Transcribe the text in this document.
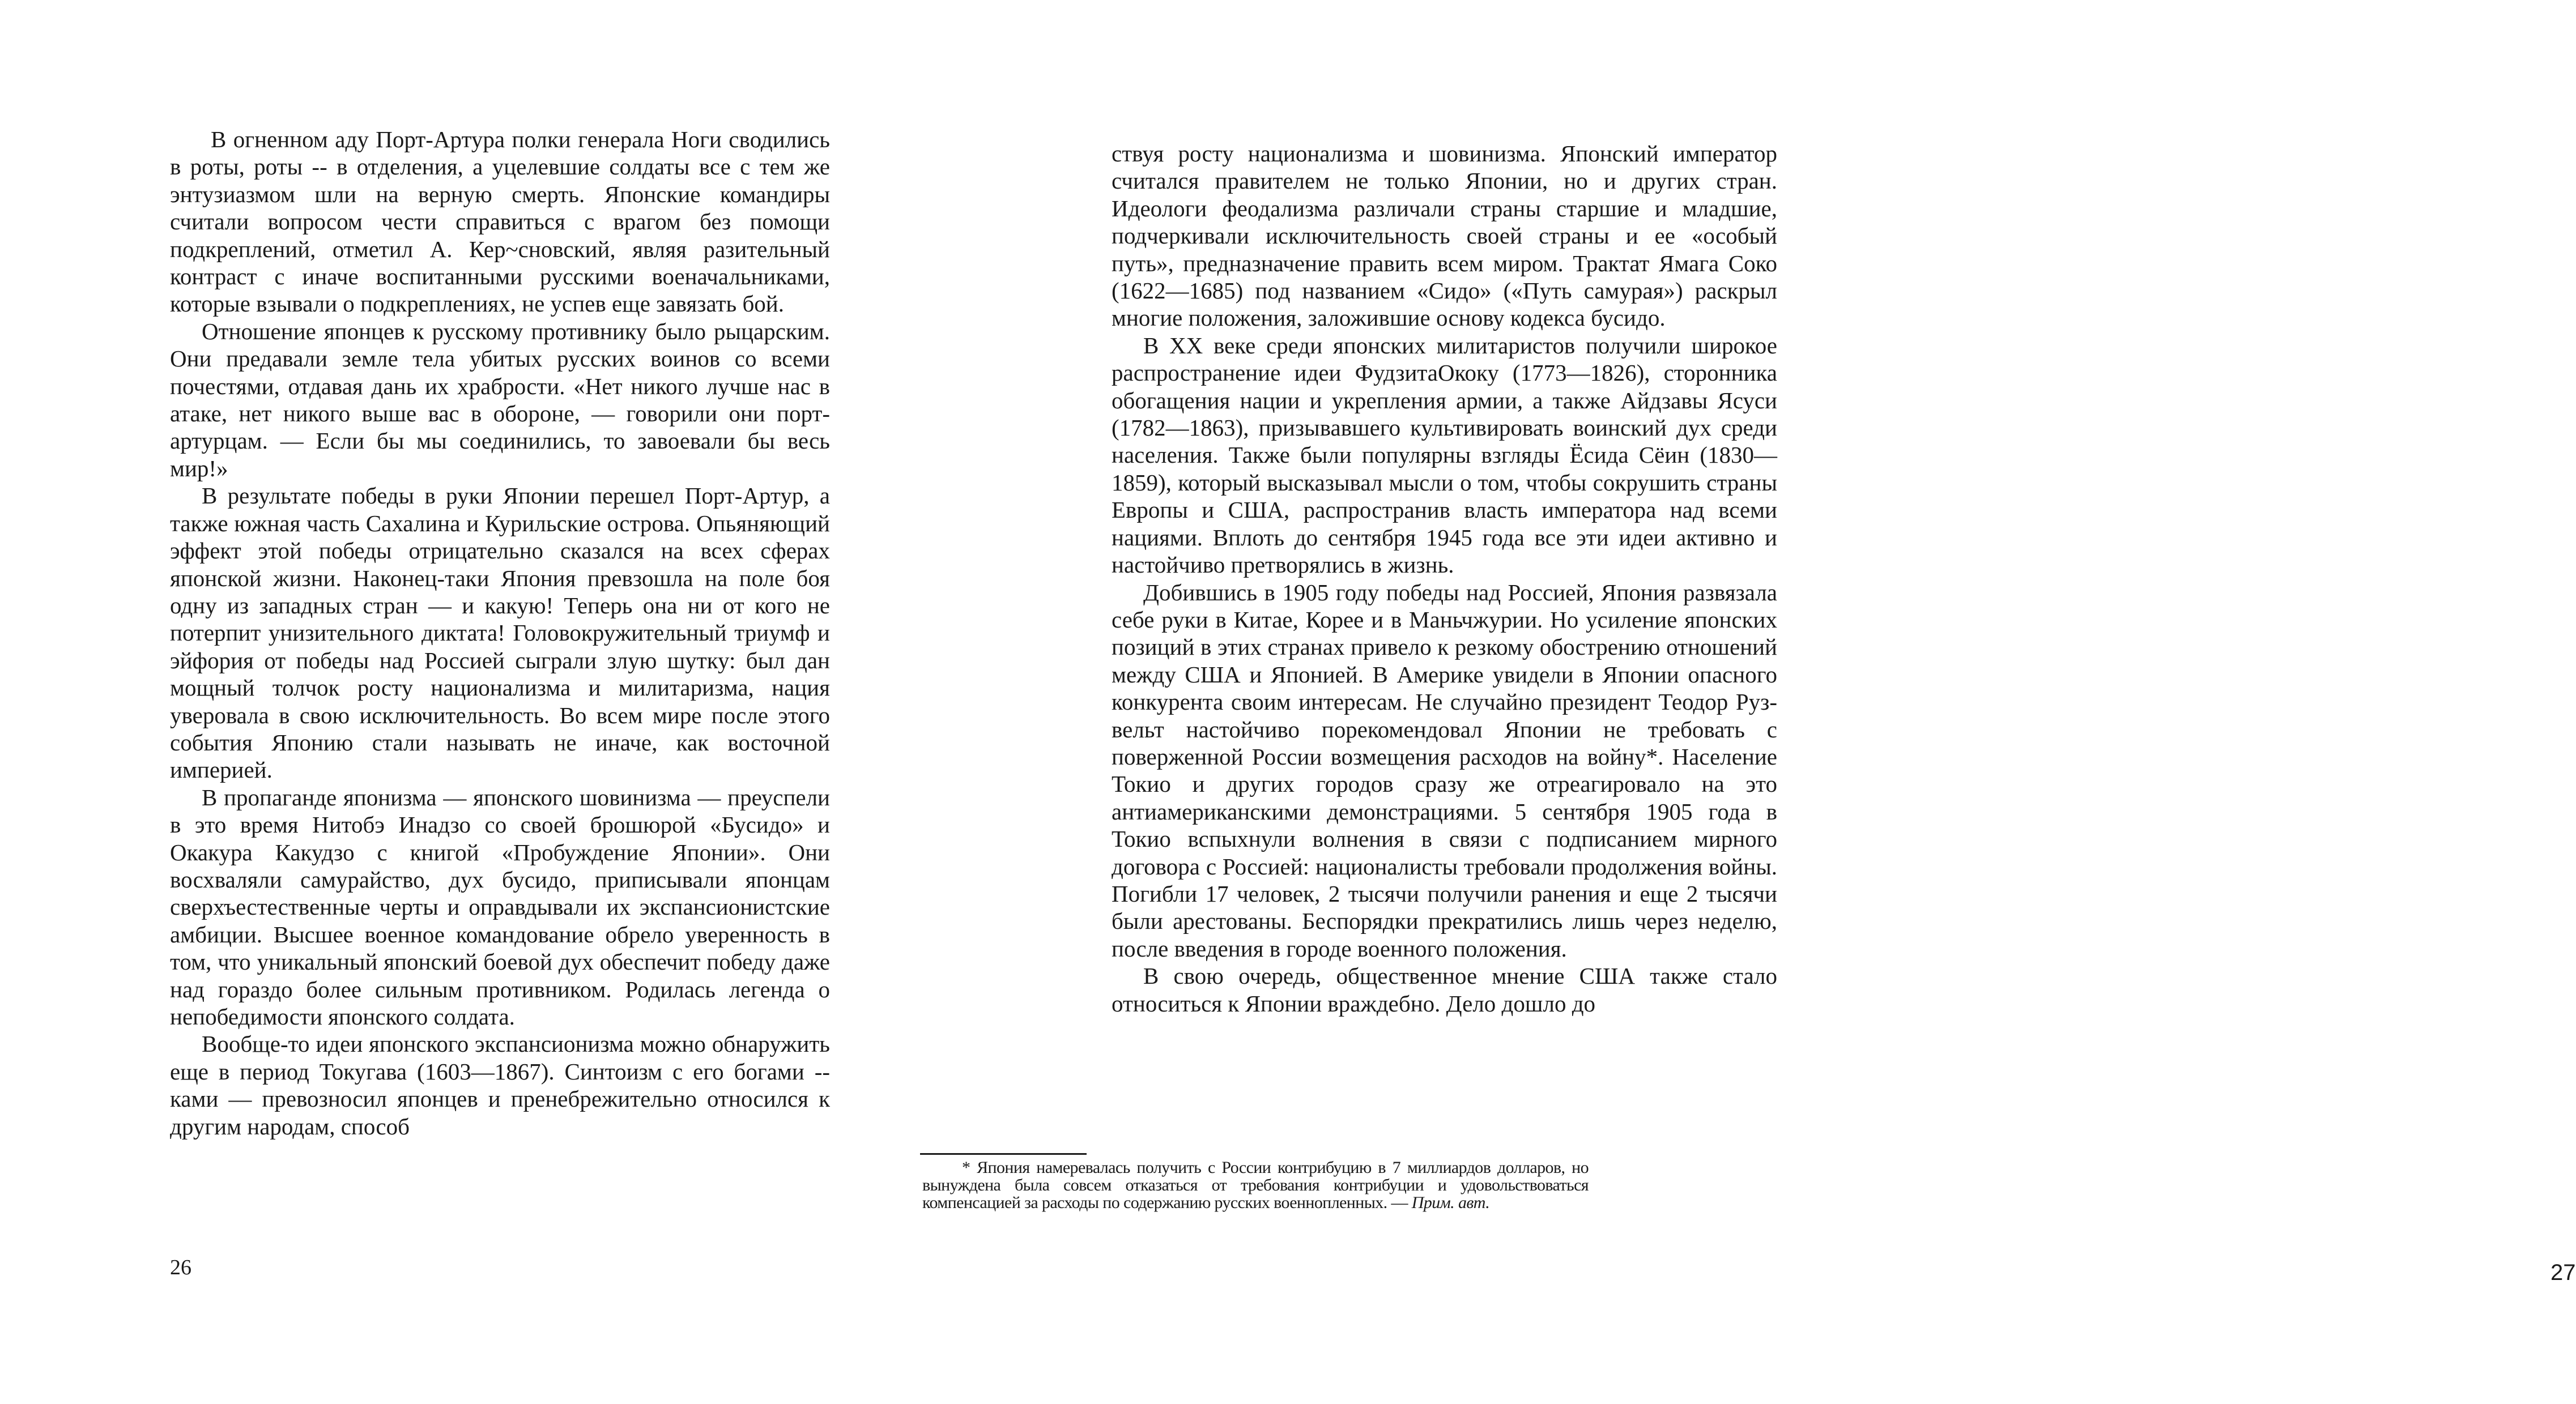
В огненном аду Порт-Артура полки генерала Ноги сводились в роты, роты -- в отделения, а уцелевшие солдаты все с тем же энтузиазмом шли на верную смерть. Японские командиры считали вопросом чести справиться с врагом без помощи подкреплений, отметил А. Кер~сновский, являя разительный контраст с иначе воспитанными русскими военачальниками, которые взывали о подкреплениях, не успев еще завязать бой.

Отношение японцев к русскому противнику было рыцарским. Они предавали земле тела убитых русских воинов со всеми почестями, отдавая дань их храбрости. «Нет никого лучше нас в атаке, нет никого выше вас в обороне, — говорили они порт-артурцам. — Если бы мы соединились, то завоевали бы весь мир!»

В результате победы в руки Японии перешел Порт-Артур, а также южная часть Сахалина и Курильские острова. Опьяняющий эффект этой победы отрицательно сказался на всех сферах японской жизни. Наконец-таки Япония превзошла на поле боя одну из западных стран — и какую! Теперь она ни от кого не потерпит унизительного диктата! Головокружительный триумф и эйфория от победы над Россией сыграли злую шутку: был дан мощный толчок росту национализма и милитаризма, нация уверовала в свою исключительность. Во всем мире после этого события Японию стали называть не иначе, как восточной империей.

В пропаганде японизма — японского шовинизма — преуспели в это время Нитобэ Инадзо со своей брошюрой «Бусидо» и Окакура Какудзо с книгой «Пробуждение Японии». Они восхваляли самурайство, дух бусидо, приписывали японцам сверхъестественные черты и оправдывали их экспансионистские амбиции. Высшее военное командование обрело уверенность в том, что уникальный японский боевой дух обеспечит победу даже над гораздо более сильным противником. Родилась легенда о непобедимости японского солдата.

Вообще-то идеи японского экспансионизма можно обнаружить еще в период Токугава (1603—1867). Синтоизм с его богами -- ками — превозносил японцев и пренебрежительно относился к другим народам, способ

26

ствуя росту национализма и шовинизма. Японский император считался правителем не только Японии, но и других стран. Идеологи феодализма различали страны старшие и младшие, подчеркивали исключительность своей страны и ее «особый путь», предназначение править всем миром. Трактат Ямага Соко (1622—1685) под названием «Сидо» («Путь самурая») раскрыл многие положения, заложившие основу кодекса бусидо.

В XX веке среди японских милитаристов получили широкое распространение идеи ФудзитаОкоку (1773—1826), сторонника обогащения нации и укрепления армии, а также Айдзавы Ясуси (1782—1863), призывавшего культивировать воинский дух среди населения. Также были популярны взгляды Ёсида Сёин (1830—1859), который высказывал мысли о том, чтобы сокрушить страны Европы и США, распространив власть императора над всеми нациями. Вплоть до сентября 1945 года все эти идеи активно и настойчиво претворялись в жизнь.

Добившись в 1905 году победы над Россией, Япония развязала себе руки в Китае, Корее и в Маньчжурии. Но усиление японских позиций в этих странах привело к резкому обострению отношений между США и Японией. В Америке увидели в Японии опасного конкурента своим интересам. Не случайно президент Теодор Рузвельт настойчиво порекомендовал Японии не требовать с поверженной России возмещения расходов на войну*. Население Токио и других городов сразу же отреагировало на это антиамериканскими демонстрациями. 5 сентября 1905 года в Токио вспыхнули волнения в связи с подписанием мирного договора с Россией: националисты требовали продолжения войны. Погибли 17 человек, 2 тысячи получили ранения и еще 2 тысячи были арестованы. Беспорядки прекратились лишь через неделю, после введения в городе военного положения.

В свою очередь, общественное мнение США также стало относиться к Японии враждебно. Дело дошло до

27
* Япония намеревалась получить с России контрибуцию в 7 миллиардов долларов, но вынуждена была совсем отказаться от требования контрибуции и удовольствоваться компенсацией за расходы по содержанию русских военнопленных. — Прим. авт.
